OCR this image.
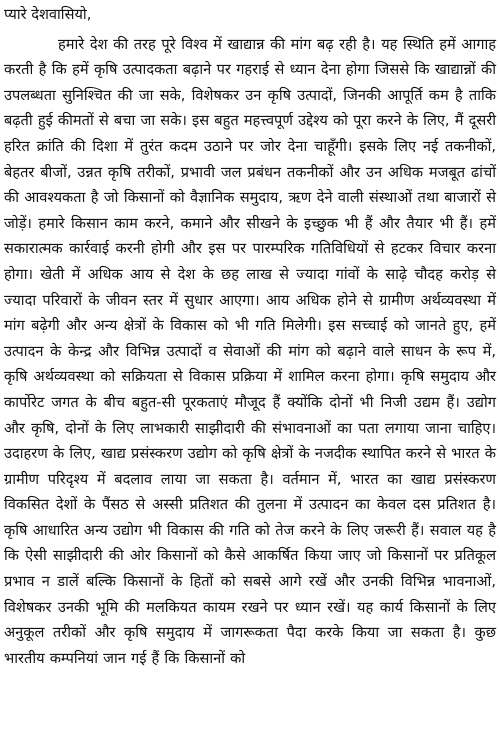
प्यारे देशवासियो,

हमारे देश की तरह पूरे विश्व में खाद्यान्न की मांग बढ़ रही है। यह स्थिति हमें आगाह करती है कि हमें कृषि उत्पादकता बढ़ाने पर गहराई से ध्यान देना होगा जिससे कि खाद्यान्नों की उपलब्धता सुनिश्चित की जा सके, विशेषकर उन कृषि उत्पादों, जिनकी आपूर्ति कम है ताकि बढ़ती हुई कीमतों से बचा जा सके। इस बहुत महत्त्वपूर्ण उद्देश्य को पूरा करने के लिए, मैं दूसरी हरित क्रांति की दिशा में तुरंत कदम उठाने पर जोर देना चाहूँगी। इसके लिए नई तकनीकों, बेहतर बीजों, उन्नत कृषि तरीकों, प्रभावी जल प्रबंधन तकनीकों और उन अधिक मजबूत ढांचों की आवश्यकता है जो किसानों को वैज्ञानिक समुदाय, ऋण देने वाली संस्थाओं तथा बाजारों से जोड़ें। हमारे किसान काम करने, कमाने और सीखने के इच्छुक भी हैं और तैयार भी हैं। हमें सकारात्मक कार्रवाई करनी होगी और इस पर पारम्परिक गतिविधियों से हटकर विचार करना होगा। खेती में अधिक आय से देश के छह लाख से ज्यादा गांवों के साढ़े चौदह करोड़ से ज्यादा परिवारों के जीवन स्तर में सुधार आएगा। आय अधिक होने से ग्रामीण अर्थव्यवस्था में मांग बढ़ेगी और अन्य क्षेत्रों के विकास को भी गति मिलेगी। इस सच्चाई को जानते हुए, हमें उत्पादन के केन्द्र और विभिन्न उत्पादों व सेवाओं की मांग को बढ़ाने वाले साधन के रूप में, कृषि अर्थव्यवस्था को सक्रियता से विकास प्रक्रिया में शामिल करना होगा। कृषि समुदाय और कार्पोरेट जगत के बीच बहुत-सी पूरकताएं मौजूद हैं क्योंकि दोनों भी निजी उद्यम हैं। उद्योग और कृषि, दोनों के लिए लाभकारी साझीदारी की संभावनाओं का पता लगाया जाना चाहिए। उदाहरण के लिए, खाद्य प्रसंस्करण उद्योग को कृषि क्षेत्रों के नजदीक स्थापित करने से भारत के ग्रामीण परिदृश्य में बदलाव लाया जा सकता है। वर्तमान में, भारत का खाद्य प्रसंस्करण विकसित देशों के पैंसठ से अस्सी प्रतिशत की तुलना में उत्पादन का केवल दस प्रतिशत है। कृषि आधारित अन्य उद्योग भी विकास की गति को तेज करने के लिए जरूरी हैं। सवाल यह है कि ऐसी साझीदारी की ओर किसानों को कैसे आकर्षित किया जाए जो किसानों पर प्रतिकूल प्रभाव न डालें बल्कि किसानों के हितों को सबसे आगे रखें और उनकी विभिन्न भावनाओं, विशेषकर उनकी भूमि की मलकियत कायम रखने पर ध्यान रखें। यह कार्य किसानों के लिए अनुकूल तरीकों और कृषि समुदाय में जागरूकता पैदा करके किया जा सकता है। कुछ भारतीय कम्पनियां जान गई हैं कि किसानों को
